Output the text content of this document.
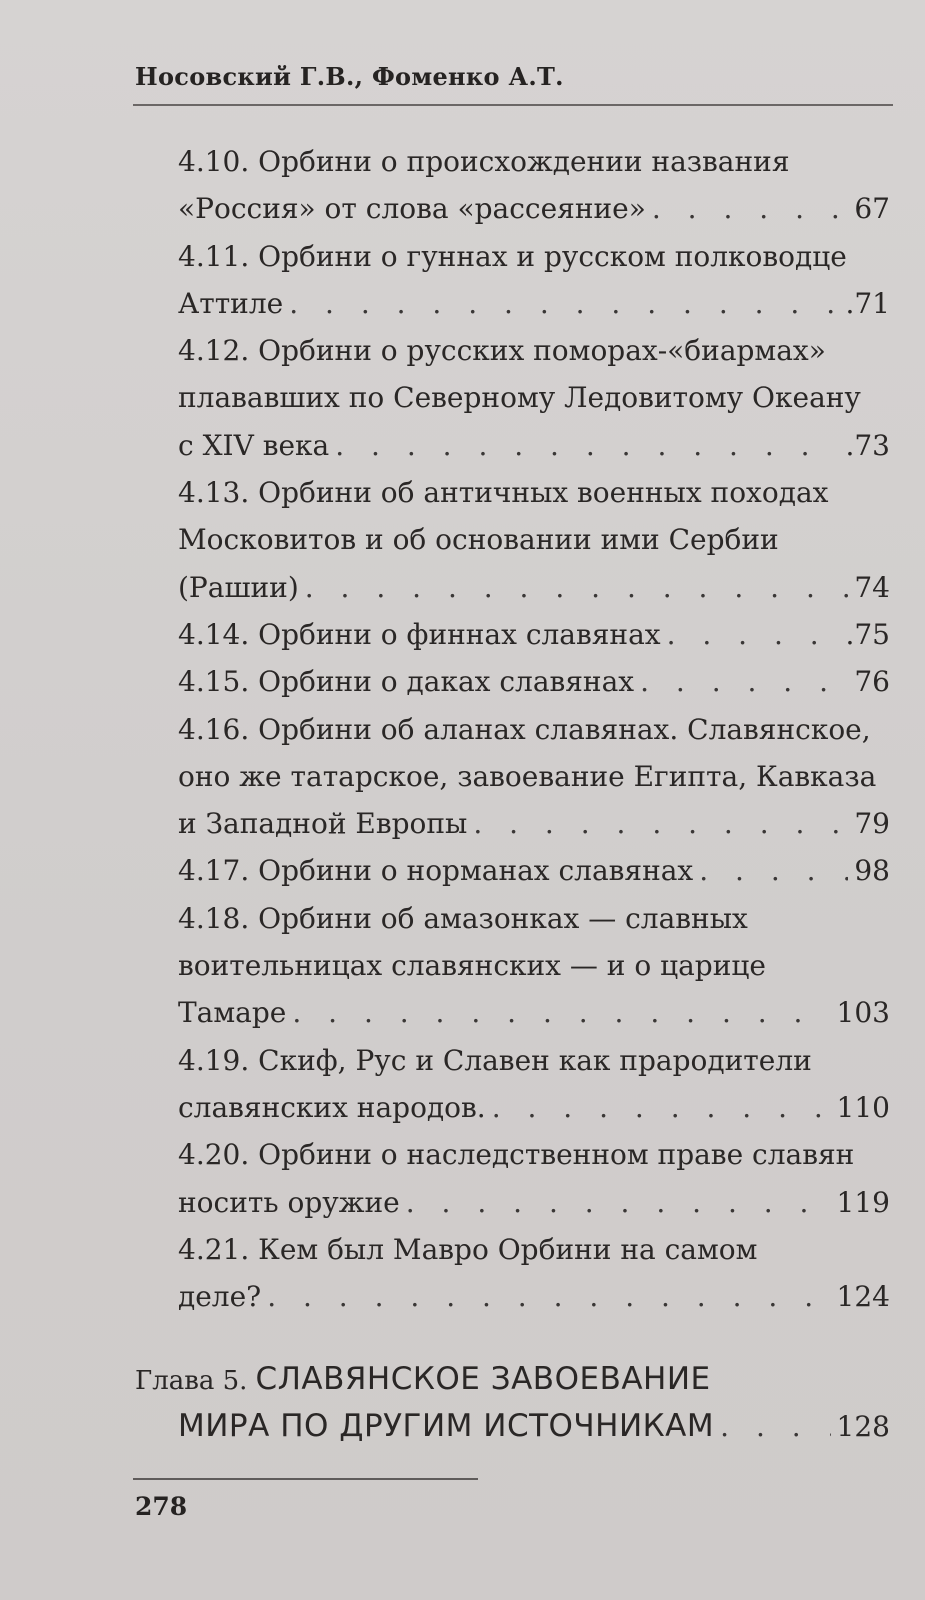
Носовский Г.В., Фоменко А.Т.
4.10. Орбини о происхождении названия
«Россия» от слова «рассеяние» . . .	67
4.11. Орбини о гуннах и русском полководце
Аттиле . . .	.71
4.12. Орбини о русских поморах-«биармах»
плававших по Северному Ледовитому Океану
с XIV века . . .	.73
4.13. Орбини об античных военных походах
Московитов и об основании ими Сербии
(Рашии) . . .	74
4.14. Орбини о финнах славянах . . .	.75
4.15. Орбини о даках славянах . . .	76
4.16. Орбини об аланах славянах. Славянское,
оно же татарское, завоевание Египта, Кавказа
и Западной Европы . . .	79
4.17. Орбини о норманах славянах . . .	98
4.18. Орбини об амазонках — славных
воительницах славянских — и о царице
Тамаре . . .	103
4.19. Скиф, Рус и Славен как прародители
славянских народов. . . .	110
4.20. Орбини о наследственном праве славян
носить оружие . . .	119
4.21. Кем был Мавро Орбини на самом
деле? . . .	124
Глава 5. СЛАВЯНСКОЕ ЗАВОЕВАНИЕ
МИРА ПО ДРУГИМ ИСТОЧНИКАМ . . .	128
278
